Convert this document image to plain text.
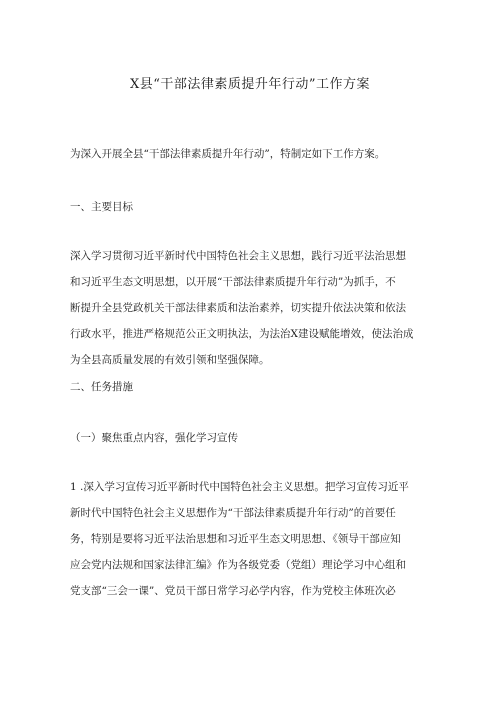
X县“干部法律素质提升年行动”工作方案

为深入开展全县“干部法律素质提升年行动”，特制定如下工作方案。

一、主要目标

深入学习贯彻习近平新时代中国特色社会主义思想，践行习近平法治思想
和习近平生态文明思想，以开展“干部法律素质提升年行动”为抓手，不
断提升全县党政机关干部法律素质和法治素养，切实提升依法决策和依法
行政水平，推进严格规范公正文明执法，为法治X建设赋能增效，使法治成
为全县高质量发展的有效引领和坚强保障。

二、任务措施

（一）聚焦重点内容，强化学习宣传

1 .深入学习宣传习近平新时代中国特色社会主义思想。把学习宣传习近平
新时代中国特色社会主义思想作为“干部法律素质提升年行动”的首要任
务，特别是要将习近平法治思想和习近平生态文明思想、《领导干部应知
应会党内法规和国家法律汇编》作为各级党委（党组）理论学习中心组和
党支部“三会一课”、党员干部日常学习必学内容，作为党校主体班次必
